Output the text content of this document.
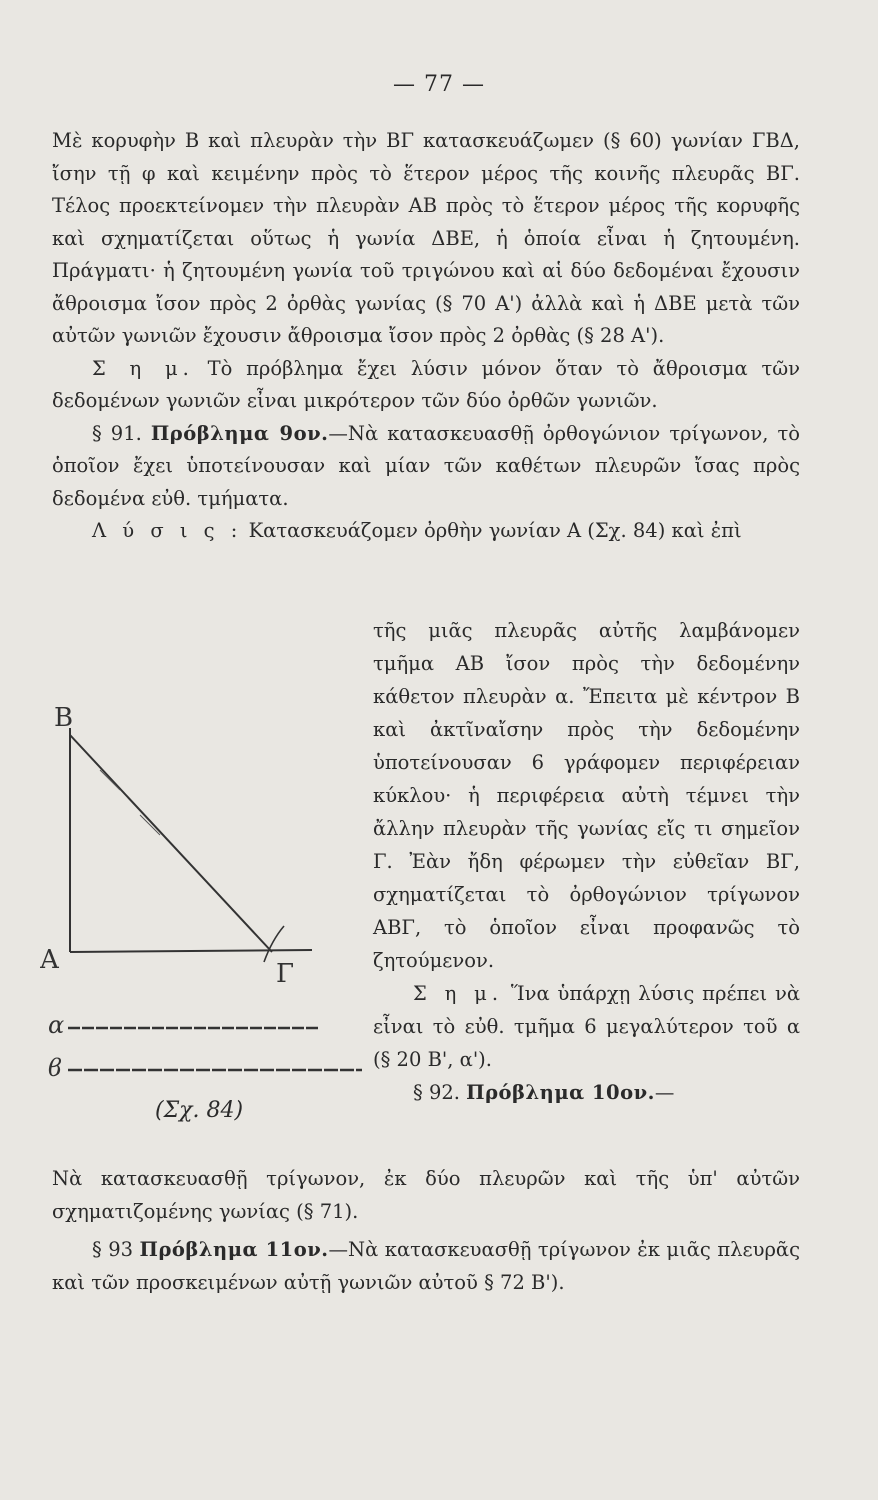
— 77 —

Μὲ κορυφὴν Β καὶ πλευρὰν τὴν ΒΓ κατασκευάζωμεν (§ 60) γωνίαν ΓΒΔ, ἴσην τῇ φ καὶ κειμένην πρὸς τὸ ἕτερον μέρος τῆς κοινῆς πλευρᾶς ΒΓ. Τέλος προεκτείνομεν τὴν πλευρὰν ΑΒ πρὸς τὸ ἕτερον μέρος τῆς κορυφῆς καὶ σχηματίζεται οὕτως ἡ γωνία ΔΒΕ, ἡ ὁποία εἶναι ἡ ζητουμένη. Πράγματι· ἡ ζητουμένη γωνία τοῦ τριγώνου καὶ αἱ δύο δεδομέναι ἔχουσιν ἄθροισμα ἴσον πρὸς 2 ὀρθὰς γωνίας (§ 70 Α') ἀλλὰ καὶ ἡ ΔΒΕ μετὰ τῶν αὐτῶν γωνιῶν ἔχουσιν ἄθροισμα ἴσον πρὸς 2 ὀρθὰς (§ 28 Α').

Σ η μ. Τὸ πρόβλημα ἔχει λύσιν μόνον ὅταν τὸ ἄθροισμα τῶν δεδομένων γωνιῶν εἶναι μικρότερον τῶν δύο ὀρθῶν γωνιῶν.

§ 91. Πρόβλημα 9ον.—Νὰ κατασκευασθῇ ὀρθογώνιον τρίγωνον, τὸ ὁποῖον ἔχει ὑποτείνουσαν καὶ μίαν τῶν καθέτων πλευρῶν ἴσας πρὸς δεδομένα εὐθ. τμήματα.

Λ ύ σ ι ς : Κατασκευάζομεν ὀρθὴν γωνίαν Α (Σχ. 84) καὶ ἐπὶ

τῆς μιᾶς πλευρᾶς αὐτῆς λαμβάνομεν τμῆμα ΑΒ ἴσον πρὸς τὴν δεδομένην κάθετον πλευρὰν α. Ἔπειτα μὲ κέντρον Β καὶ ἀκτῖναἴσην πρὸς τὴν δεδομένην ὑποτείνουσαν 6 γράφομεν περιφέρειαν κύκλου· ἡ περιφέρεια αὐτὴ τέμνει τὴν ἄλλην πλευρὰν τῆς γωνίας εἴς τι σημεῖον Γ. Ἐὰν ἤδη φέρωμεν τὴν εὐθεῖαν ΒΓ, σχηματίζεται τὸ ὀρθογώνιον τρίγωνον ΑΒΓ, τὸ ὁποῖον εἶναι προφανῶς τὸ ζητούμενον.

Σ η μ. Ἵνα ὑπάρχῃ λύσις πρέπει νὰ εἶναι τὸ εὐθ. τμῆμα 6 μεγαλύτερον τοῦ α (§ 20 Β', α').

§ 92. Πρόβλημα 10ον.—

Β
Α	Γ
α
ϐ
(Σχ. 84)

Νὰ κατασκευασθῇ τρίγωνον, ἐκ δύο πλευρῶν καὶ τῆς ὑπ' αὐτῶν σχηματιζομένης γωνίας (§ 71).

§ 93 Πρόβλημα 11ον.—Νὰ κατασκευασθῇ τρίγωνον ἐκ μιᾶς πλευρᾶς καὶ τῶν προσκειμένων αὐτῇ γωνιῶν αὐτοῦ § 72 Β').
